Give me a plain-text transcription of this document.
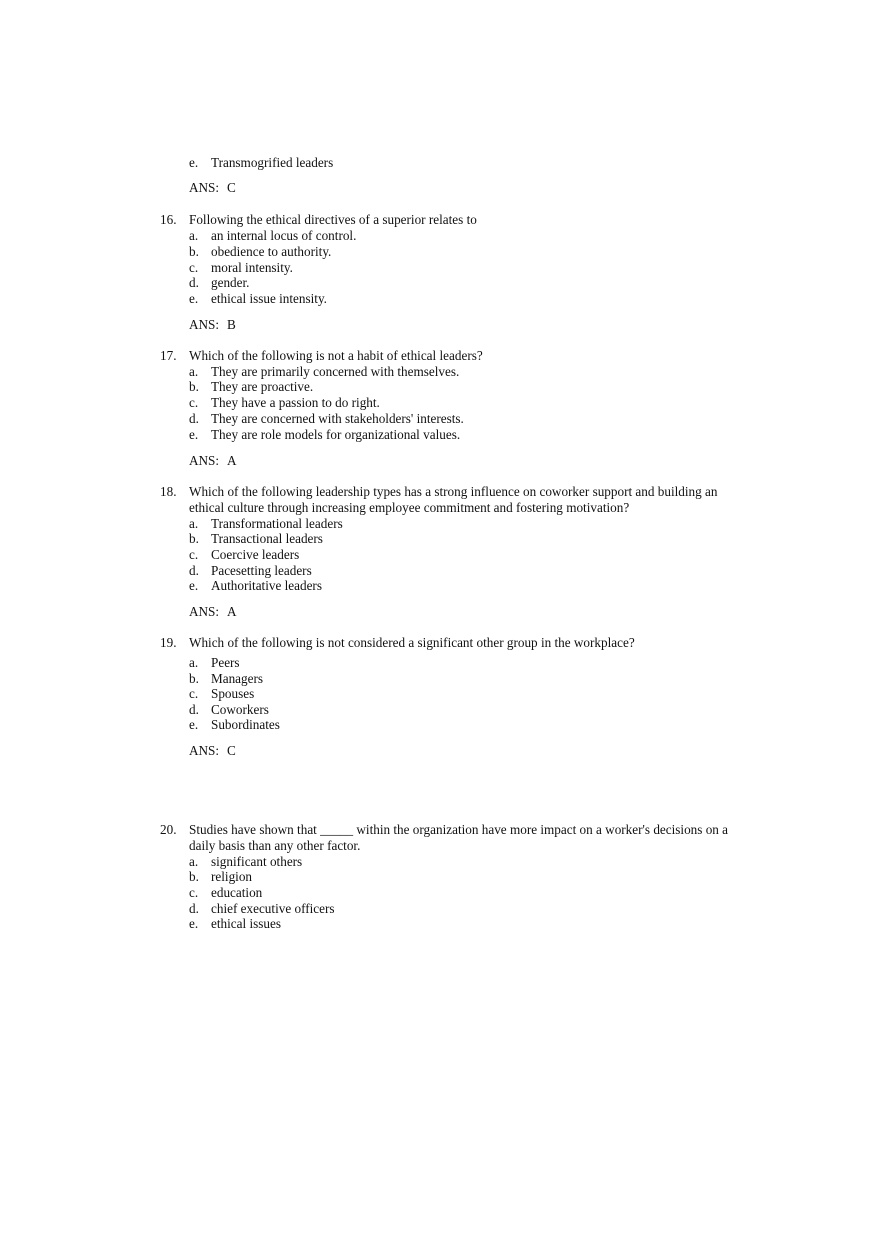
e. Transmogrified leaders
ANS: C
16. Following the ethical directives of a superior relates to
a. an internal locus of control.
b. obedience to authority.
c. moral intensity.
d. gender.
e. ethical issue intensity.
ANS: B
17. Which of the following is not a habit of ethical leaders?
a. They are primarily concerned with themselves.
b. They are proactive.
c. They have a passion to do right.
d. They are concerned with stakeholders' interests.
e. They are role models for organizational values.
ANS: A
18. Which of the following leadership types has a strong influence on coworker support and building an
ethical culture through increasing employee commitment and fostering motivation?
a. Transformational leaders
b. Transactional leaders
c. Coercive leaders
d. Pacesetting leaders
e. Authoritative leaders
ANS: A
19. Which of the following is not considered a significant other group in the workplace?
a. Peers
b. Managers
c. Spouses
d. Coworkers
e. Subordinates
ANS: C
20. Studies have shown that _____ within the organization have more impact on a worker's decisions on a
daily basis than any other factor.
a. significant others
b. religion
c. education
d. chief executive officers
e. ethical issues
